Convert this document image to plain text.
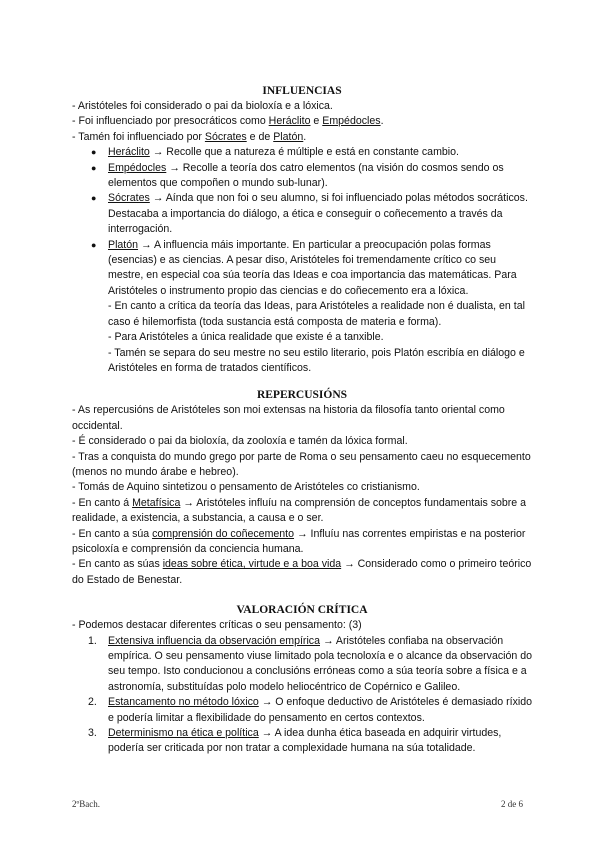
INFLUENCIAS

- Aristóteles foi considerado o pai da bioloxía e a lóxica.

- Foi influenciado por presocráticos como Heráclito e Empédocles.

- Tamén foi influenciado por Sócrates e de Platón.

● Heráclito → Recolle que a natureza é múltiple e está en constante cambio.
● Empédocles → Recolle a teoría dos catro elementos (na visión do cosmos sendo os elementos que compoñen o mundo sub-lunar).
● Sócrates → Aínda que non foi o seu alumno, si foi influenciado polas métodos socráticos. Destacaba a importancia do diálogo, a ética e conseguir o coñecemento a través da interrogación.
● Platón → A influencia máis importante. En particular a preocupación polas formas (esencias) e as ciencias. A pesar diso, Aristóteles foi tremendamente crítico co seu mestre, en especial coa súa teoría das Ideas e coa importancia das matemáticas. Para Aristóteles o instrumento propio das ciencias e do coñecemento era a lóxica.
- En canto a crítica da teoría das Ideas, para Aristóteles a realidade non é dualista, en tal caso é hilemorfista (toda sustancia está composta de materia e forma).
- Para Aristóteles a única realidade que existe é a tanxible.
- Tamén se separa do seu mestre no seu estilo literario, pois Platón escribía en diálogo e Aristóteles en forma de tratados científicos.
REPERCUSIÓNS

- As repercusións de Aristóteles son moi extensas na historia da filosofía tanto oriental como occidental.

- É considerado o pai da bioloxía, da zooloxía e tamén da lóxica formal.

- Tras a conquista do mundo grego por parte de Roma o seu pensamento caeu no esquecemento (menos no mundo árabe e hebreo).

- Tomás de Aquino sintetizou o pensamento de Aristóteles co cristianismo.

- En canto á Metafísica → Aristóteles influíu na comprensión de conceptos fundamentais sobre a realidade, a existencia, a substancia, a causa e o ser.

- En canto a súa comprensión do coñecemento → Influíu nas correntes empiristas e na posterior psicoloxía e comprensión da conciencia humana.

- En canto as súas ideas sobre ética, virtude e a boa vida → Considerado como o primeiro teórico do Estado de Benestar.

VALORACIÓN CRÍTICA

- Podemos destacar diferentes críticas o seu pensamento: (3)

1. Extensiva influencia da observación empírica → Aristóteles confiaba na observación empírica. O seu pensamento viuse limitado pola tecnoloxía e o alcance da observación do seu tempo. Isto conducionou a conclusións erróneas como a súa teoría sobre a física e a astronomía, substituídas polo modelo heliocéntrico de Copérnico e Galileo.
2. Estancamento no método lóxico → O enfoque deductivo de Aristóteles é demasiado ríxido e podería limitar a flexibilidade do pensamento en certos contextos.
3. Determinismo na ética e política → A idea dunha ética baseada en adquirir virtudes, podería ser criticada por non tratar a complexidade humana na súa totalidade.
2ºBach.	2 de 6
